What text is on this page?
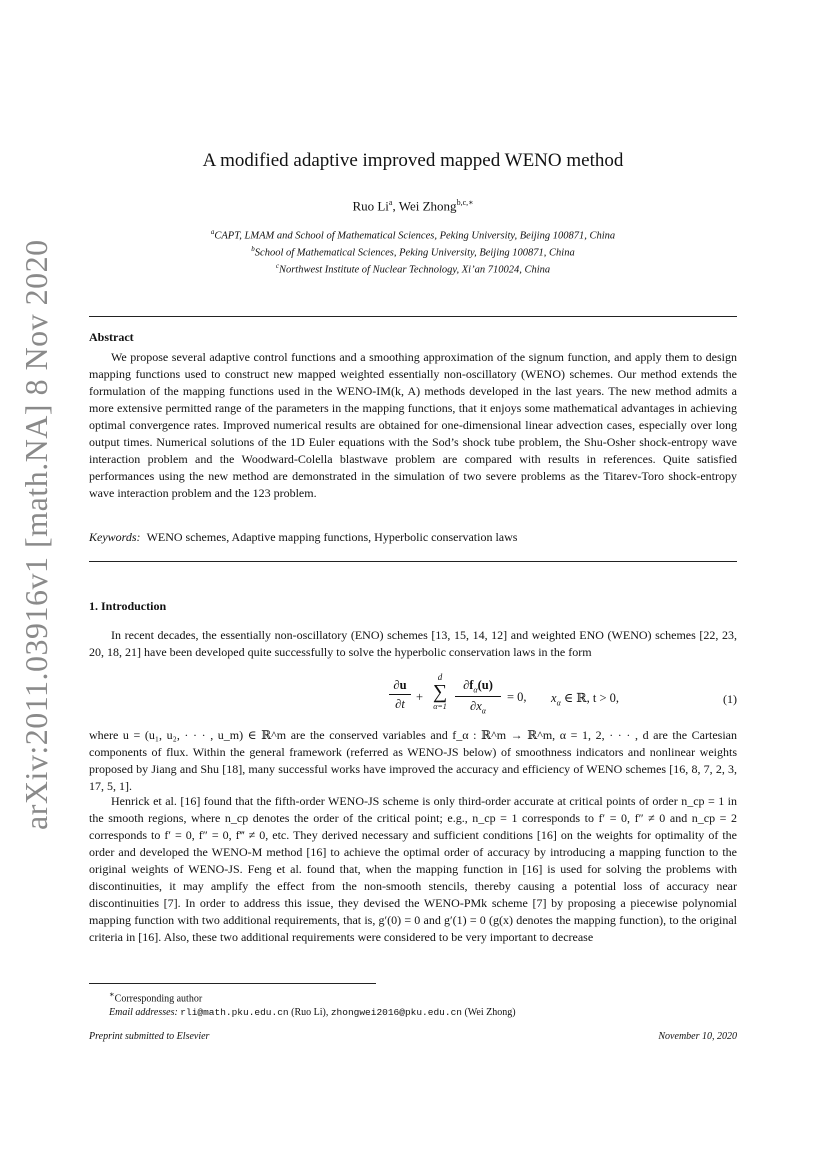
arXiv:2011.03916v1 [math.NA] 8 Nov 2020
A modified adaptive improved mapped WENO method
Ruo Li$^a$, Wei Zhong$^{b,c,∗}$
$^a$CAPT, LMAM and School of Mathematical Sciences, Peking University, Beijing 100871, China
$^b$School of Mathematical Sciences, Peking University, Beijing 100871, China
$^c$Northwest Institute of Nuclear Technology, Xi’an 710024, China
Abstract
We propose several adaptive control functions and a smoothing approximation of the signum function, and apply them to design mapping functions used to construct new mapped weighted essentially non-oscillatory (WENO) schemes. Our method extends the formulation of the mapping functions used in the WENO-IM(k, A) methods developed in the last years. The new method admits a more extensive permitted range of the parameters in the mapping functions, that it enjoys some mathematical advantages in achieving optimal convergence rates. Improved numerical results are obtained for one-dimensional linear advection cases, especially over long output times. Numerical solutions of the 1D Euler equations with the Sod’s shock tube problem, the Shu-Osher shock-entropy wave interaction problem and the Woodward-Colella blastwave problem are compared with results in references. Quite satisfied performances using the new method are demonstrated in the simulation of two severe problems as the Titarev-Toro shock-entropy wave interaction problem and the 123 problem.
Keywords: WENO schemes, Adaptive mapping functions, Hyperbolic conservation laws
1. Introduction
In recent decades, the essentially non-oscillatory (ENO) schemes [13, 15, 14, 12] and weighted ENO (WENO) schemes [22, 23, 20, 18, 21] have been developed quite successfully to solve the hyperbolic conservation laws in the form
$\frac{\partial u}{\partial t}$ +
d
∑
$\alpha=1 \frac{\partial f_\alpha(u)}{\partial x_\alpha} = 0$, $x_\alpha$ ∈ ℝ, t > 0,	(1)
where u = (u₁, u₂, · · · , u_m) ∈ ℝ^m are the conserved variables and f_α : ℝ^m → ℝ^m, α = 1, 2, · · · , d are the Cartesian components of flux. Within the general framework (referred as WENO-JS below) of smoothness indicators and nonlinear weights proposed by Jiang and Shu [18], many successful works have improved the accuracy and efficiency of WENO schemes [16, 8, 7, 2, 3, 17, 5, 1].
Henrick et al. [16] found that the fifth-order WENO-JS scheme is only third-order accurate at critical points of order n_cp = 1 in the smooth regions, where n_cp denotes the order of the critical point; e.g., n_cp = 1 corresponds to f′ = 0, f″ ≠ 0 and n_cp = 2 corresponds to f′ = 0, f″ = 0, f‴ ≠ 0, etc. They derived necessary and sufficient conditions [16] on the weights for optimality of the order and developed the WENO-M method [16] to achieve the optimal order of accuracy by introducing a mapping function to the original weights of WENO-JS. Feng et al. found that, when the mapping function in [16] is used for solving the problems with discontinuities, it may amplify the effect from the non-smooth stencils, thereby causing a potential loss of accuracy near discontinuities [7]. In order to address this issue, they devised the WENO-PMk scheme [7] by proposing a piecewise polynomial mapping function with two additional requirements, that is, g′(0) = 0 and g′(1) = 0 (g(x) denotes the mapping function), to the original criteria in [16]. Also, these two additional requirements were considered to be very important to decrease
∗Corresponding author
Email addresses: rli@math.pku.edu.cn (Ruo Li), zhongwei2016@pku.edu.cn (Wei Zhong)
Preprint submitted to Elsevier	November 10, 2020
